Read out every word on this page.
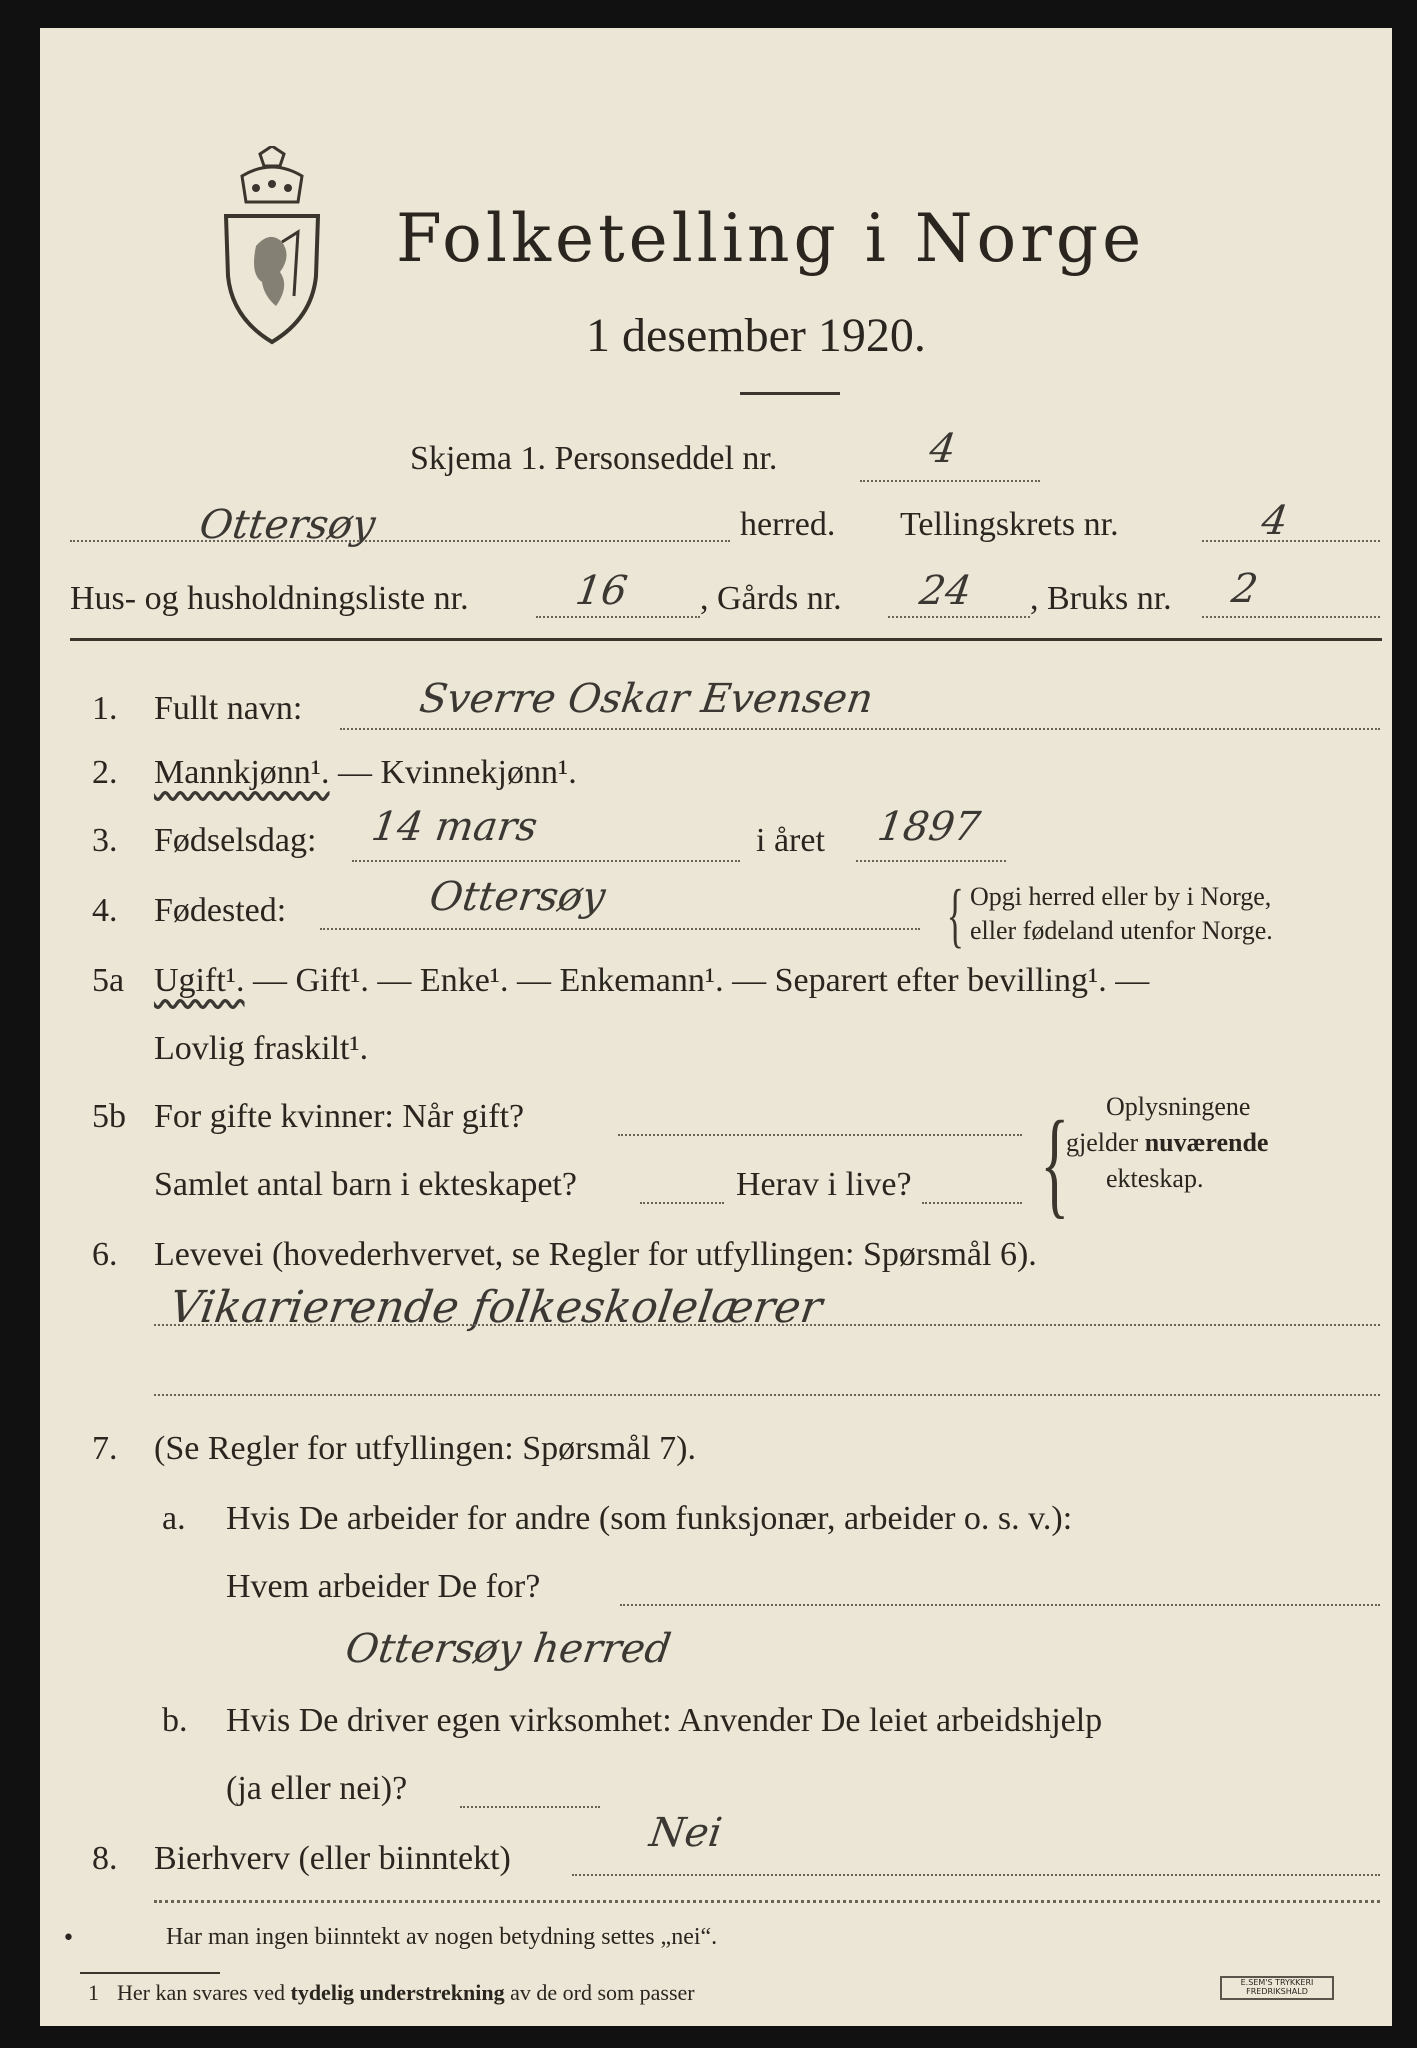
Folketelling i Norge
1 desember 1920.
Skjema 1. Personseddel nr.	4
Ottersøy	herred. Tellingskrets nr.	4
Hus- og husholdningsliste nr.	16 , Gårds nr. 24 , Bruks nr. 2
1. Fullt navn:	Sverre Oskar Evensen
2. Mannkjønn¹. — Kvinnekjønn¹.
3. Fødselsdag: 14 mars	i året 1897
4. Fødested:	Ottersøy	{ Opgi herred eller by i Norge,
eller fødeland utenfor Norge.
5a Ugift¹. — Gift¹. — Enke¹. — Enkemann¹. — Separert efter bevilling¹. —
Lovlig fraskilt¹.
5b For gifte kvinner: Når gift?
Samlet antal barn i ekteskapet?	Herav i live? { Oplysningene
gjelder nuværende
ekteskap.
6. Levevei (hovederhvervet, se Regler for utfyllingen: Spørsmål 6).
Vikarierende folkeskolelærer
7. (Se Regler for utfyllingen: Spørsmål 7).
a. Hvis De arbeider for andre (som funksjonær, arbeider o. s. v.):
Hvem arbeider De for?
Ottersøy herred
b. Hvis De driver egen virksomhet: Anvender De leiet arbeidshjelp
(ja eller nei)?
8. Bierhverv (eller biinntekt)
Nei
•	Har man ingen biinntekt av nogen betydning settes „nei“.
1 Her kan svares ved tydelig understrekning av de ord som passer	E.SEM'S TRYKKERI
FREDRIKSHALD
